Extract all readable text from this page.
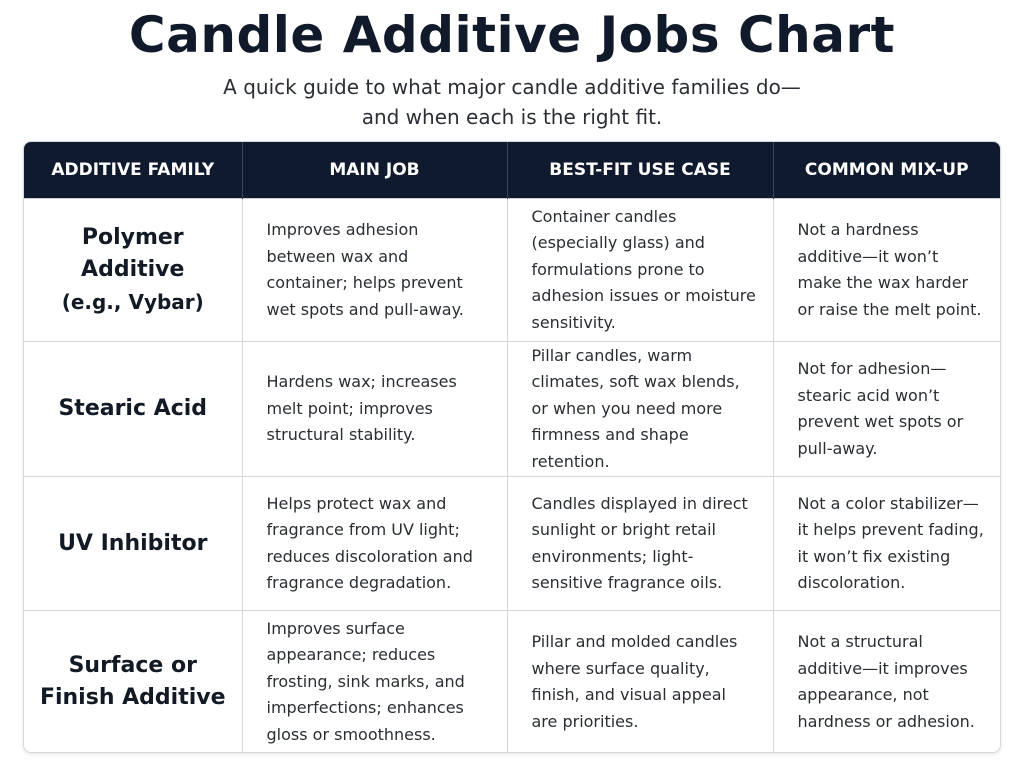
Candle Additive Jobs Chart
A quick guide to what major candle additive families do—and when each is the right fit.
ADDITIVE FAMILY	MAIN JOB	BEST-FIT USE CASE	COMMON MIX-UP
Polymer Additive
(e.g., Vybar)	Improves adhesion between wax and container; helps prevent wet spots and pull-away.	Container candles (especially glass) and formulations prone to adhesion issues or moisture sensitivity.	Not a hardness additive—it won’t make the wax harder or raise the melt point.
Stearic Acid	Hardens wax; increases melt point; improves structural stability.	Pillar candles, warm climates, soft wax blends, or when you need more firmness and shape retention.	Not for adhesion—stearic acid won’t prevent wet spots or pull-away.
UV Inhibitor	Helps protect wax and fragrance from UV light; reduces discoloration and fragrance degradation.	Candles displayed in direct sunlight or bright retail environments; light-sensitive fragrance oils.	Not a color stabilizer—it helps prevent fading, it won’t fix existing discoloration.
Surface or Finish Additive	Improves surface appearance; reduces frosting, sink marks, and imperfections; enhances gloss or smoothness.	Pillar and molded candles where surface quality, finish, and visual appeal are priorities.	Not a structural additive—it improves appearance, not hardness or adhesion.
